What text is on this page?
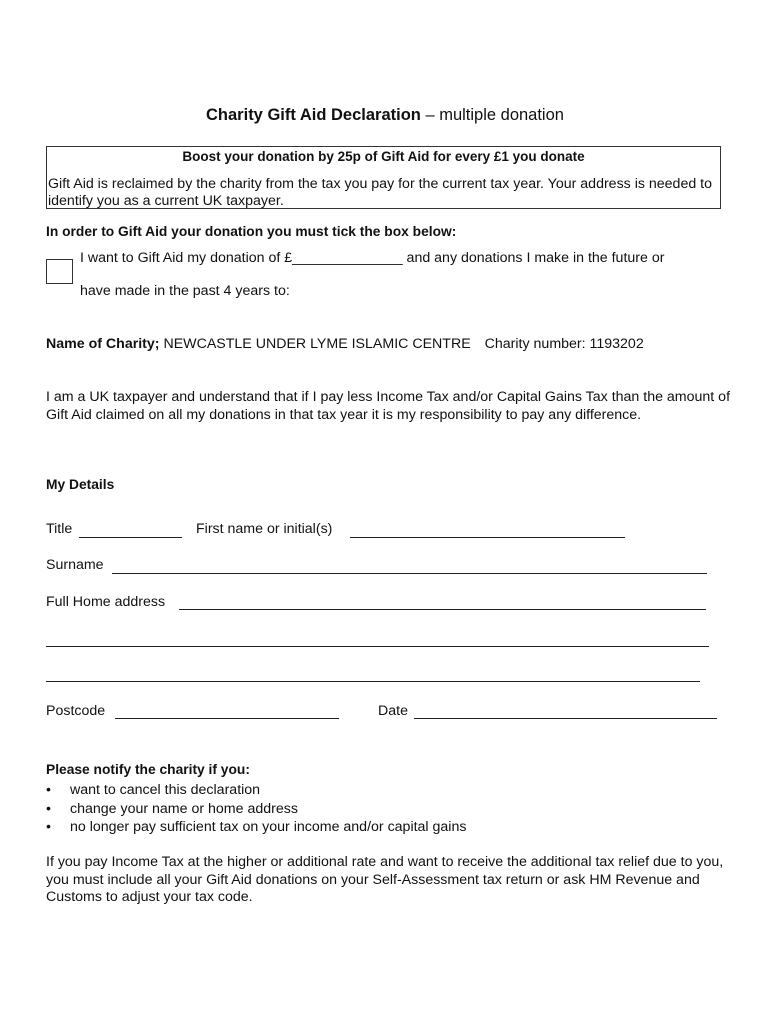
Charity Gift Aid Declaration – multiple donation
Boost your donation by 25p of Gift Aid for every £1 you donate
Gift Aid is reclaimed by the charity from the tax you pay for the current tax year. Your address is needed to identify you as a current UK taxpayer.
In order to Gift Aid your donation you must tick the box below:
I want to Gift Aid my donation of £______________ and any donations I make in the future or
have made in the past 4 years to:
Name of Charity; NEWCASTLE UNDER LYME ISLAMIC CENTRE Charity number: 1193202
I am a UK taxpayer and understand that if I pay less Income Tax and/or Capital Gains Tax than the amount of Gift Aid claimed on all my donations in that tax year it is my responsibility to pay any difference.
My Details
Title	First name or initial(s)
Surname
Full Home address
Postcode	Date
Please notify the charity if you:
• want to cancel this declaration
• change your name or home address
• no longer pay sufficient tax on your income and/or capital gains
If you pay Income Tax at the higher or additional rate and want to receive the additional tax relief due to you, you must include all your Gift Aid donations on your Self-Assessment tax return or ask HM Revenue and Customs to adjust your tax code.
